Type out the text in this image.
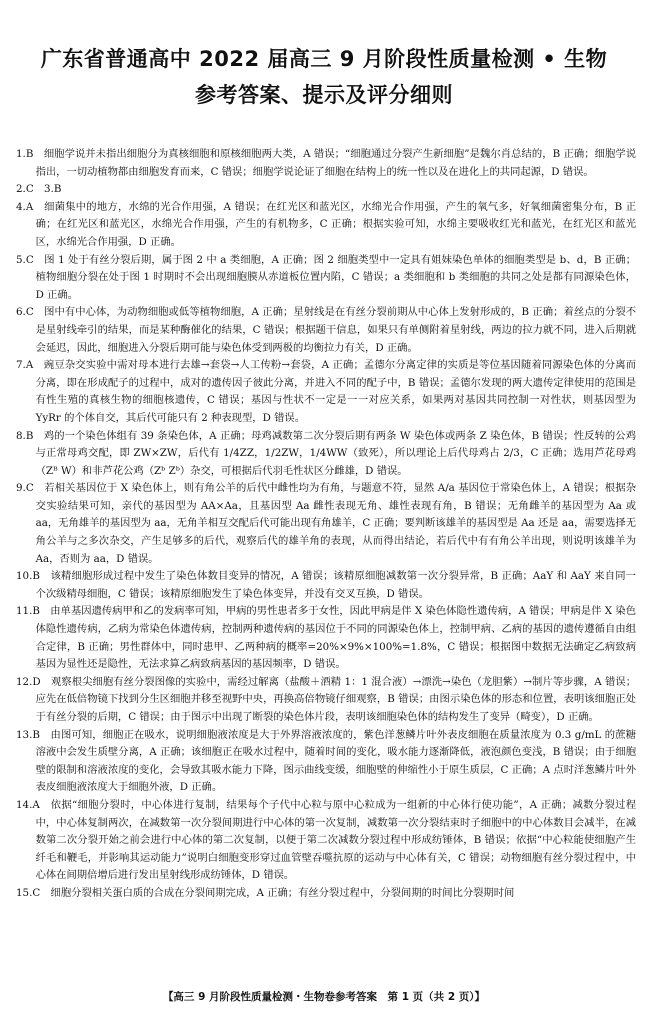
广东省普通高中 2022 届高三 9 月阶段性质量检测 • 生物
参考答案、提示及评分细则

1.B　细胞学说并未指出细胞分为真核细胞和原核细胞两大类，A 错误；“细胞通过分裂产生新细胞”是魏尔肖总结的，B 正确；细胞学说指出，一切动植物都由细胞发育而来，C 错误；细胞学说论证了细胞在结构上的统一性以及在进化上的共同起源，D 错误。

2.C　3.B

4.A　细菌集中的地方，水绵的光合作用强，A 错误；在红光区和蓝光区，水绵光合作用强，产生的氧气多，好氧细菌密集分布，B 正确；在红光区和蓝光区，水绵光合作用强，产生的有机物多，C 正确；根据实验可知，水绵主要吸收红光和蓝光，在红光区和蓝光区，水绵光合作用强，D 正确。

5.C　图 1 处于有丝分裂后期，属于图 2 中 a 类细胞，A 正确；图 2 细胞类型中一定具有姐妹染色单体的细胞类型是 b、d，B 正确；植物细胞分裂在处于图 1 时期时不会出现细胞膜从赤道板位置内陷，C 错误；a 类细胞和 b 类细胞的共同之处是都有同源染色体，D 正确。

6.C　图中有中心体，为动物细胞或低等植物细胞，A 正确；星射线是在有丝分裂前期从中心体上发射形成的，B 正确；着丝点的分裂不是星射线牵引的结果，而是某种酶催化的结果，C 错误；根据题干信息，如果只有单侧附着星射线，两边的拉力就不同，进入后期就会延迟，因此，细胞进入分裂后期可能与染色体受到两极的均衡拉力有关，D 正确。

7.A　豌豆杂交实验中需对母本进行去雄→套袋→人工传粉→套袋，A 正确；孟德尔分离定律的实质是等位基因随着同源染色体的分离而分离，即在形成配子的过程中，成对的遗传因子彼此分离，并进入不同的配子中，B 错误；孟德尔发现的两大遗传定律使用的范围是有性生殖的真核生物的细胞核遗传，C 错误；基因与性状不一定是一一对应关系，如果两对基因共同控制一对性状，则基因型为 YyRr 的个体自交，其后代可能只有 2 种表现型，D 错误。

8.B　鸡的一个染色体组有 39 条染色体，A 正确；母鸡减数第二次分裂后期有两条 W 染色体或两条 Z 染色体，B 错误；性反转的公鸡与正常母鸡交配，即 ZW×ZW，后代有 1/4ZZ，1/2ZW，1/4WW（致死），所以理论上后代母鸡占 2/3，C 正确；选用芦花母鸡（Zᴮ W）和非芦花公鸡（Zᵇ Zᵇ）杂交，可根据后代羽毛性状区分雌雄，D 错误。

9.C　若相关基因位于 X 染色体上，则有角公羊的后代中雌性均为有角，与题意不符，显然 A/a 基因位于常染色体上，A 错误；根据杂交实验结果可知，亲代的基因型为 AA×Aa，且基因型 Aa 雌性表现无角、雄性表现有角，B 错误；无角雌羊的基因型为 Aa 或 aa，无角雄羊的基因型为 aa，无角羊相互交配后代可能出现有角雄羊，C 正确；要判断该雄羊的基因型是 Aa 还是 aa，需要选择无角公羊与之多次杂交，产生足够多的后代，观察后代的雄羊角的表现，从而得出结论，若后代中有有角公羊出现，则说明该雄羊为 Aa，否则为 aa，D 错误。

10.B　该精细胞形成过程中发生了染色体数目变异的情况，A 错误；该精原细胞减数第一次分裂异常，B 正确；AaY 和 AaY 来自同一个次级精母细胞，C 错误；该精原细胞发生了染色体变异，并没有交叉互换，D 错误。

11.B　由单基因遗传病甲和乙的发病率可知，甲病的男性患者多于女性，因此甲病是伴 X 染色体隐性遗传病，A 错误；甲病是伴 X 染色体隐性遗传病，乙病为常染色体遗传病，控制两种遗传病的基因位于不同的同源染色体上，控制甲病、乙病的基因的遗传遵循自由组合定律，B 正确；男性群体中，同时患甲、乙两种病的概率=20%×9%×100%=1.8%，C 错误；根据图中数据无法确定乙病致病基因为显性还是隐性，无法求算乙病致病基因的基因频率，D 错误。

12.D　观察根尖细胞有丝分裂图像的实验中，需经过解离（盐酸＋酒精 1：1 混合液）→漂洗→染色（龙胆紫）→制片等步骤，A 错误；应先在低倍物镜下找到分生区细胞并移至视野中央，再换高倍物镜仔细观察，B 错误；由图示染色体的形态和位置，表明该细胞正处于有丝分裂的后期，C 错误；由于图示中出现了断裂的染色体片段，表明该细胞染色体的结构发生了变异（畸变），D 正确。

13.B　由图可知，细胞正在吸水，说明细胞液浓度是大于外界溶液浓度的，紫色洋葱鳞片叶外表皮细胞在质量浓度为 0.3 g/mL 的蔗糖溶液中会发生质壁分离，A 正确；该细胞正在吸水过程中，随着时间的变化，吸水能力逐渐降低，液泡颜色变浅，B 错误；由于细胞壁的限制和溶液浓度的变化，会导致其吸水能力下降，图示曲线变缓，细胞壁的伸缩性小于原生质层，C 正确；A 点时洋葱鳞片叶外表皮细胞液浓度大于细胞外液，D 正确。

14.A　依据“细胞分裂时，中心体进行复制，结果每个子代中心粒与原中心粒成为一组新的中心体行使功能”，A 正确；减数分裂过程中，中心体复制两次，在减数第一次分裂间期进行中心体的第一次复制，减数第一次分裂结束时子细胞中的中心体数目会减半，在减数第二次分裂开始之前会进行中心体的第二次复制，以便于第二次减数分裂过程中形成纺锤体，B 错误；依据“中心粒能使细胞产生纤毛和鞭毛，并影响其运动能力”说明白细胞变形穿过血管壁吞噬抗原的运动与中心体有关，C 错误；动物细胞有丝分裂过程中，中心体在间期倍增后进行发出星射线形成纺锤体，D 错误。

15.C　细胞分裂相关蛋白质的合成在分裂间期完成，A 正确；有丝分裂过程中，分裂间期的时间比分裂期时间

【高三 9 月阶段性质量检测・生物卷参考答案　第 1 页（共 2 页）】
